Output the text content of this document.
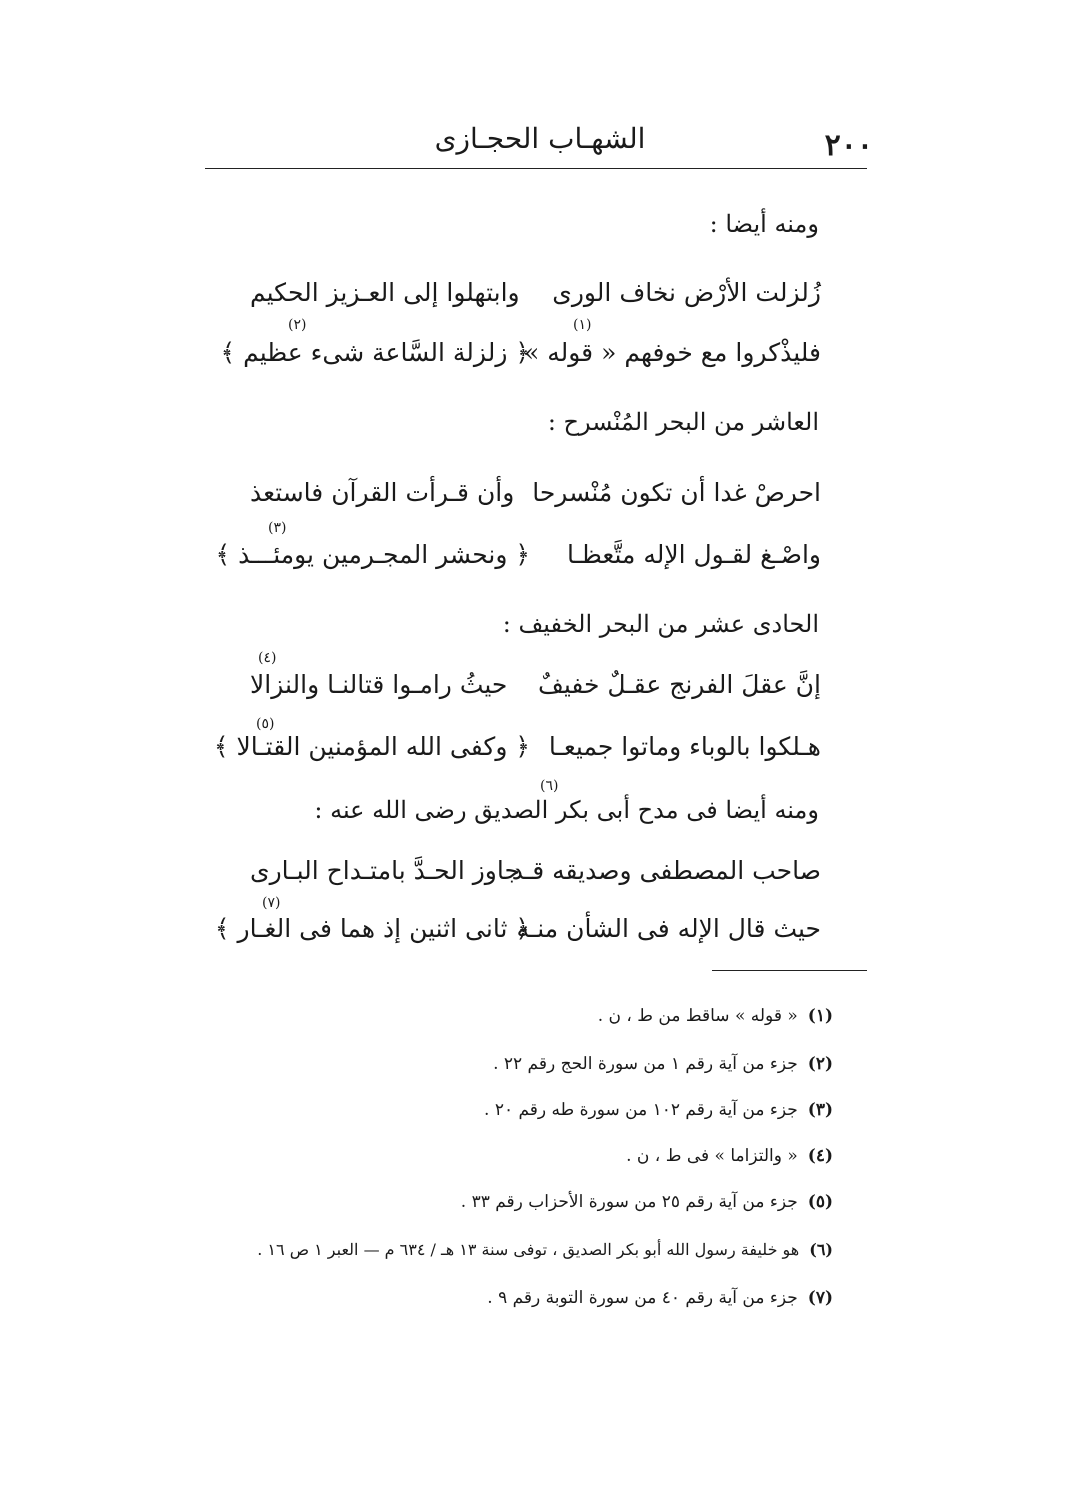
٢٠٠
الشهـاب الحجـازى
ومنه أيضا :
زُلزلت الأرْض نخاف الورى
وابتهلوا إلى العـزيز الحكيم
(١)
(٢)
فليذْكروا مع خوفهم « قوله »
﴿ زلزلة السَّاعة شىء عظيم ﴾
العاشر من البحر المُنْسرح :
احرصْ غدا أن تكون مُنْسرحا
وأن قـرأت القرآن فاستعذ
(٣)
واصْـغ لقـول الإله متَّعظـا
﴿ ونحشر المجـرمين يومئـــذ ﴾
الحادى عشر من البحر الخفيف :
(٤)
إنَّ عقلَ الفرنج عقـلٌ خفيفٌ
حيثُ رامـوا قتالنـا والنزالا
(٥)
هـلكوا بالوباء وماتوا جميعـا
﴿ وكفى الله المؤمنين القتـالا ﴾
(٦)
ومنه أيضا فى مدح أبى بكر الصديق رضى الله عنه :
صاحب المصطفى وصديقه قـد
جاوز الحـدَّ بامتـداح البـارى
(٧)
حيث قال الإله فى الشأن منـه
﴿ ثانى اثنين إذ هما فى الغـار ﴾
(١)« قوله » ساقط من ط ، ن .
(٢)جزء من آية رقم ١ من سورة الحج رقم ٢٢ .
(٣)جزء من آية رقم ١٠٢ من سورة طه رقم ٢٠ .
(٤)« والتزاما » فى ط ، ن .
(٥)جزء من آية رقم ٢٥ من سورة الأحزاب رقم ٣٣ .
(٦)هو خليفة رسول الله أبو بكر الصديق ، توفى سنة ١٣ هـ / ٦٣٤ م — العبر ١ ص ١٦ .
(٧)جزء من آية رقم ٤٠ من سورة التوبة رقم ٩ .
